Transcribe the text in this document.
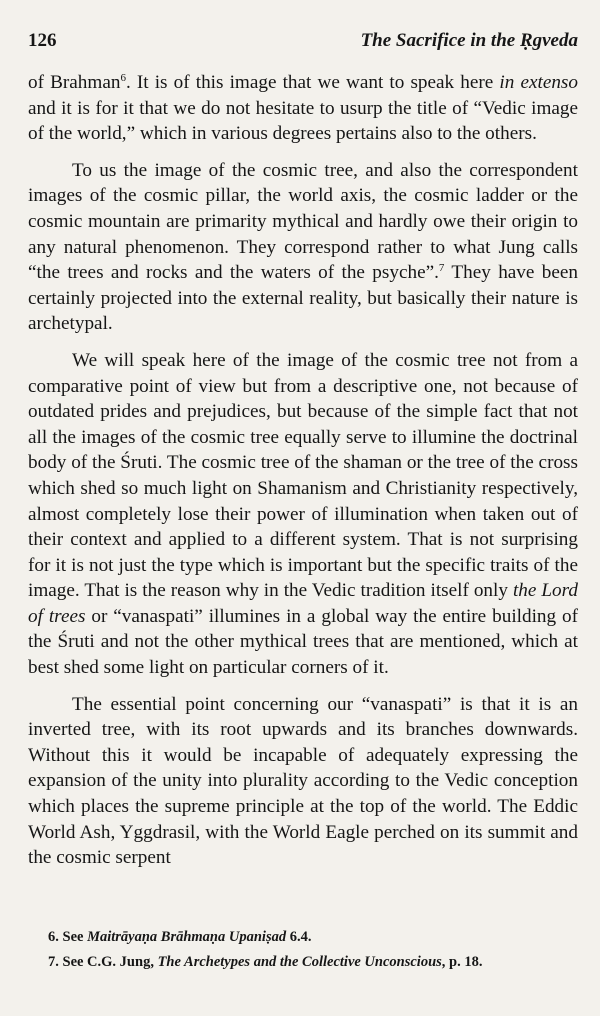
126	The Sacrifice in the Ṛgveda

of Brahman$^6$. It is of this image that we want to speak here in extenso and it is for it that we do not hesitate to usurp the title of “Vedic image of the world,” which in various degrees pertains also to the others.

To us the image of the cosmic tree, and also the correspondent images of the cosmic pillar, the world axis, the cosmic ladder or the cosmic mountain are primarity mythical and hardly owe their origin to any natural phenomenon. They correspond rather to what Jung calls “the trees and rocks and the waters of the psyche”.$^7$ They have been certainly projected into the external reality, but basically their nature is archetypal.

We will speak here of the image of the cosmic tree not from a comparative point of view but from a descriptive one, not because of outdated prides and prejudices, but because of the simple fact that not all the images of the cosmic tree equally serve to illumine the doctrinal body of the Śruti. The cosmic tree of the shaman or the tree of the cross which shed so much light on Shamanism and Christianity respectively, almost completely lose their power of illumination when taken out of their context and applied to a different system. That is not surprising for it is not just the type which is important but the specific traits of the image. That is the reason why in the Vedic tradition itself only the Lord of trees or “vanaspati” illumines in a global way the entire building of the Śruti and not the other mythical trees that are mentioned, which at best shed some light on particular corners of it.

The essential point concerning our “vanaspati” is that it is an inverted tree, with its root upwards and its branches downwards. Without this it would be incapable of adequately expressing the expansion of the unity into plurality according to the Vedic conception which places the supreme principle at the top of the world. The Eddic World Ash, Yggdrasil, with the World Eagle perched on its summit and the cosmic serpent

6. See Maitrāyaṇa Brāhmaṇa Upaniṣad 6.4.

7. See C.G. Jung, The Archetypes and the Collective Unconscious, p. 18.
